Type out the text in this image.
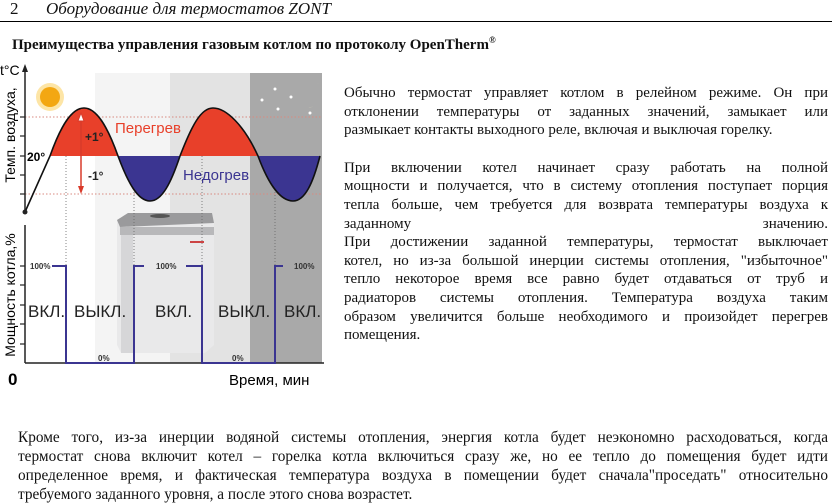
2 Оборудование для термостатов ZONT
Преимущества управления газовым котлом по протоколу OpenTherm®
t°C
Темп. воздуха,
Мощность котла,%
0	Время, мин
20°
+1°
-1°
Перегрев
Недогрев
100%
0%
100%
0%
100%
ВКЛ. ВЫКЛ. ВКЛ. ВЫКЛ. ВКЛ.
Обычно термостат управляет котлом в релейном режиме. Он при
отклонении температуры от заданных значений, замыкает или
размыкает контакты выходного реле, включая и выключая горелку.
При включении котел начинает сразу работать на полной
мощности и получается, что в систему отопления поступает порция
тепла больше, чем требуется для возврата температуры воздуха к
заданному значению.
При достижении заданной температуры, термостат выключает
котел, но из-за большой инерции системы отопления, "избыточное"
тепло некоторое время все равно будет отдаваться от труб и
радиаторов системы отопления. Температура воздуха таким
образом увеличится больше необходимого и произойдет перегрев
помещения.
Кроме того, из-за инерции водяной системы отопления, энергия котла будет неэкономно расходоваться, когда
термостат снова включит котел – горелка котла включиться сразу же, но ее тепло до помещения будет идти
определенное время, и фактическая температура воздуха в помещении будет сначала"проседать" относительно
требуемого заданного уровня, а после этого снова возрастет.
